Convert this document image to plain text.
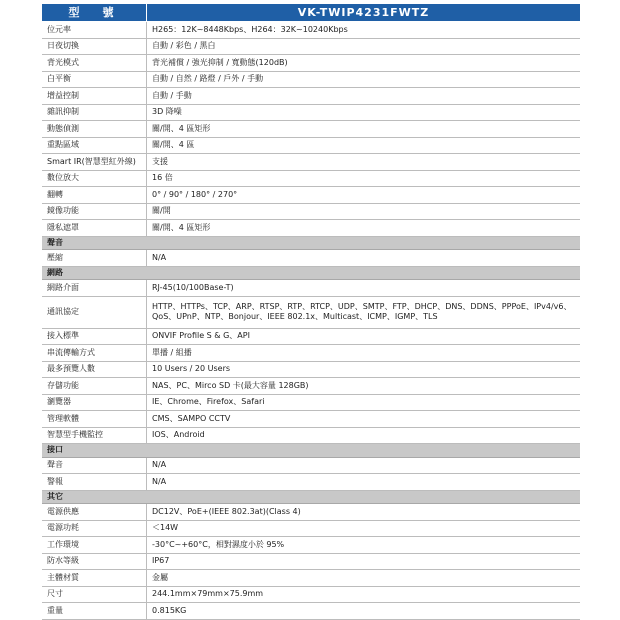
型　號	VK-TWIP4231FWTZ
位元率	H265：12K~8448Kbps、H264：32K~10240Kbps
日夜切換	自動 / 彩色 / 黑白
背光模式	背光補償 / 強光抑制 / 寬動態(120dB)
白平衡	自動 / 自然 / 路燈 / 戶外 / 手動
增益控制	自動 / 手動
雜訊抑制	3D 降噪
動態偵測	關/開、4 區矩形
重點區域	關/開、4 區
Smart IR(智慧型紅外線)	支援
數位放大	16 倍
翻轉	0° / 90° / 180° / 270°
鏡像功能	關/開
隱私遮罩	關/開、4 區矩形
聲音	
壓縮	N/A
網路	
網路介面	RJ-45(10/100Base-T)
通訊協定	HTTP、HTTPs、TCP、ARP、RTSP、RTP、RTCP、UDP、SMTP、FTP、DHCP、DNS、DDNS、PPPoE、IPv4/v6、QoS、UPnP、NTP、Bonjour、IEEE 802.1x、Multicast、ICMP、IGMP、TLS
接入標準	ONVIF Profile S & G、API
串流傳輸方式	單播 / 組播
最多預覽人數	10 Users / 20 Users
存儲功能	NAS、PC、Mirco SD 卡(最大容量 128GB)
瀏覽器	IE、Chrome、Firefox、Safari
管理軟體	CMS、SAMPO CCTV
智慧型手機監控	IOS、Android
接口	
聲音	N/A
警報	N/A
其它	
電源供應	DC12V、PoE+(IEEE 802.3at)(Class 4)
電源功耗	＜14W
工作環境	-30°C~+60°C，相對濕度小於 95%
防水等級	IP67
主體材質	金屬
尺寸	244.1mm×79mm×75.9mm
重量	0.815KG
